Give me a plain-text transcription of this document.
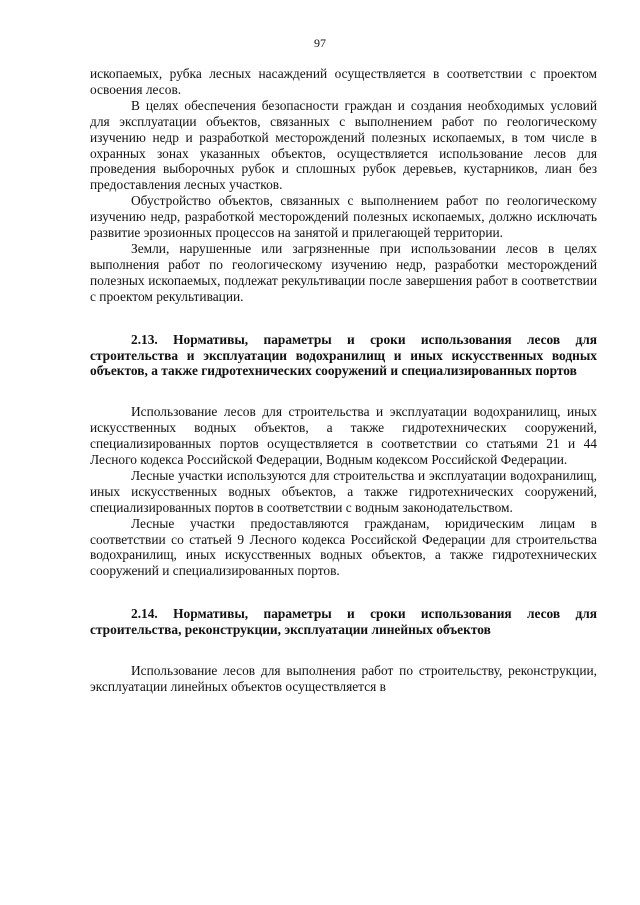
97

ископаемых, рубка лесных насаждений осуществляется в соответствии с проектом освоения лесов.

В целях обеспечения безопасности граждан и создания необходимых условий для эксплуатации объектов, связанных с выполнением работ по геологическому изучению недр и разработкой месторождений полезных ископаемых, в том числе в охранных зонах указанных объектов, осуществляется использование лесов для проведения выборочных рубок и сплошных рубок деревьев, кустарников, лиан без предоставления лесных участков.

Обустройство объектов, связанных с выполнением работ по геологическому изучению недр, разработкой месторождений полезных ископаемых, должно исключать развитие эрозионных процессов на занятой и прилегающей территории.

Земли, нарушенные или загрязненные при использовании лесов в целях выполнения работ по геологическому изучению недр, разработки месторождений полезных ископаемых, подлежат рекультивации после завершения работ в соответствии с проектом рекультивации.

2.13. Нормативы, параметры и сроки использования лесов для строительства и эксплуатации водохранилищ и иных искусственных водных объектов, а также гидротехнических сооружений и специализированных портов

Использование лесов для строительства и эксплуатации водохранилищ, иных искусственных водных объектов, а также гидротехнических сооружений, специализированных портов осуществляется в соответствии со статьями 21 и 44 Лесного кодекса Российской Федерации, Водным кодексом Российской Федерации.

Лесные участки используются для строительства и эксплуатации водохранилищ, иных искусственных водных объектов, а также гидротехнических сооружений, специализированных портов в соответствии с водным законодательством.

Лесные участки предоставляются гражданам, юридическим лицам в соответствии со статьей 9 Лесного кодекса Российской Федерации для строительства водохранилищ, иных искусственных водных объектов, а также гидротехнических сооружений и специализированных портов.

2.14. Нормативы, параметры и сроки использования лесов для строительства, реконструкции, эксплуатации линейных объектов

Использование лесов для выполнения работ по строительству, реконструкции, эксплуатации линейных объектов осуществляется в
